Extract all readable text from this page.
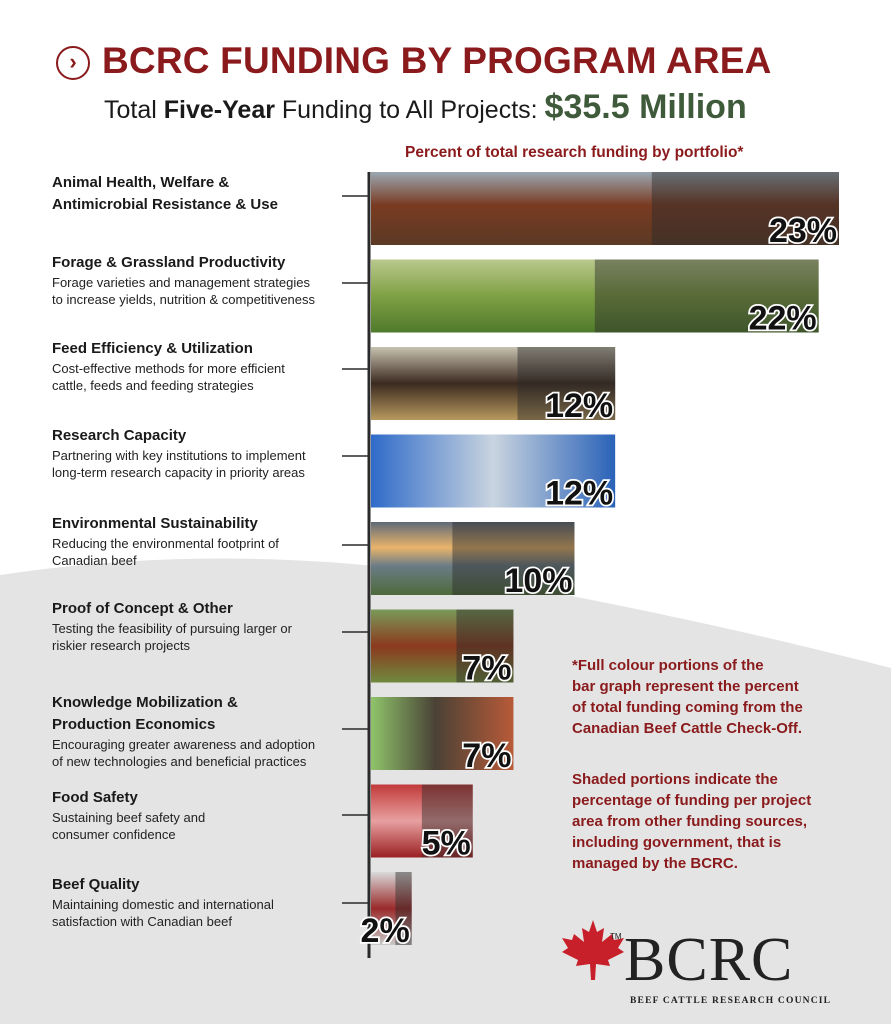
› BCRC FUNDING BY PROGRAM AREA
Total Five-Year Funding to All Projects: $35.5 Million
Percent of total research funding by portfolio*
23%
22%
12%
12%
10%
7%
7%
5%
2%
Animal Health, Welfare &
Antimicrobial Resistance & Use
Forage & Grassland Productivity
Forage varieties and management strategies
to increase yields, nutrition & competitiveness
Feed Efficiency & Utilization
Cost-effective methods for more efficient
cattle, feeds and feeding strategies
Research Capacity
Partnering with key institutions to implement
long-term research capacity in priority areas
Environmental Sustainability
Reducing the environmental footprint of
Canadian beef
Proof of Concept & Other
Testing the feasibility of pursuing larger or
riskier research projects
Knowledge Mobilization &
Production Economics
Encouraging greater awareness and adoption
of new technologies and beneficial practices
Food Safety
Sustaining beef safety and
consumer confidence
Beef Quality
Maintaining domestic and international
satisfaction with Canadian beef
*Full colour portions of the
bar graph represent the percent
of total funding coming from the
Canadian Beef Cattle Check-Off.
Shaded portions indicate the
percentage of funding per project
area from other funding sources,
including government, that is
managed by the BCRC.
TM BCRC
BEEF CATTLE RESEARCH COUNCIL
